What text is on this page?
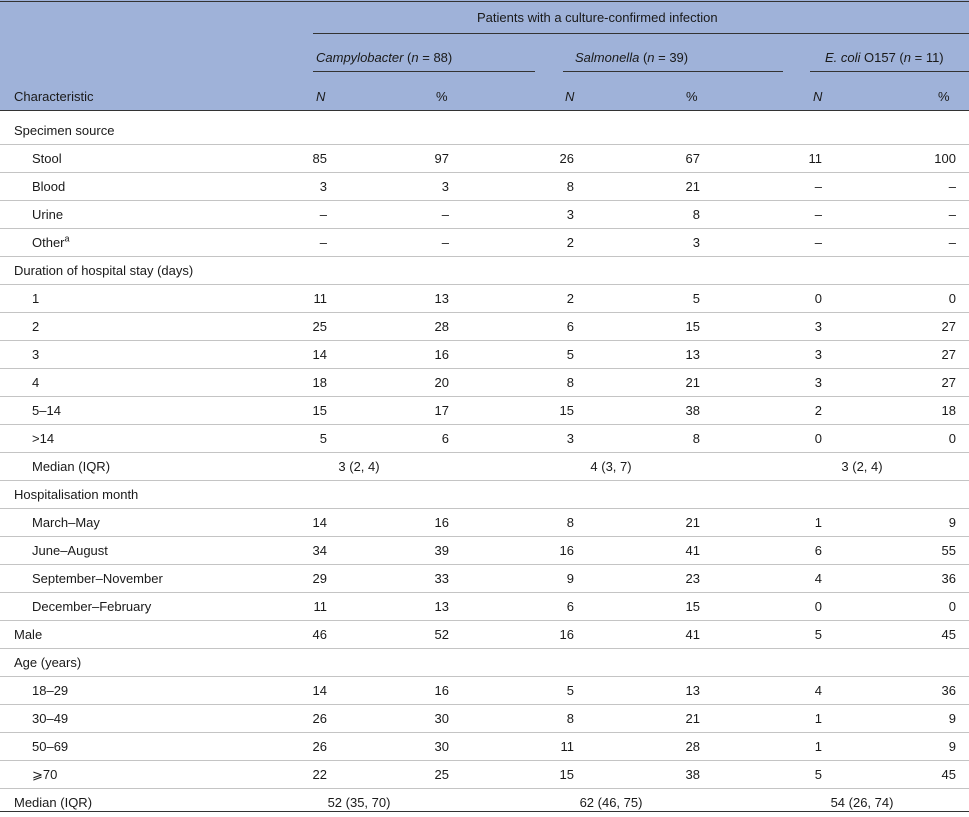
Patients with a culture-confirmed infection
Campylobacter (n = 88)	Salmonella (n = 39)	E. coli O157 (n = 11)
Characteristic	N	%	N	%	N	%
Specimen source
Stool	85	97	26	67	11	100
Blood	3	3	8	21	–	–
Urine	–	–	3	8	–	–
Other$^a$	–	–	2	3	–	–
Duration of hospital stay (days)
1	11	13	2	5	0	0
2	25	28	6	15	3	27
3	14	16	5	13	3	27
4	18	20	8	21	3	27
5–14	15	17	15	38	2	18
>14	5	6	3	8	0	0
Median (IQR)	3 (2, 4)	4 (3, 7)	3 (2, 4)
Hospitalisation month
March–May	14	16	8	21	1	9
June–August	34	39	16	41	6	55
September–November	29	33	9	23	4	36
December–February	11	13	6	15	0	0
Male	46	52	16	41	5	45
Age (years)
18–29	14	16	5	13	4	36
30–49	26	30	8	21	1	9
50–69	26	30	11	28	1	9
⩾70	22	25	15	38	5	45
Median (IQR)	52 (35, 70)	62 (46, 75)	54 (26, 74)
